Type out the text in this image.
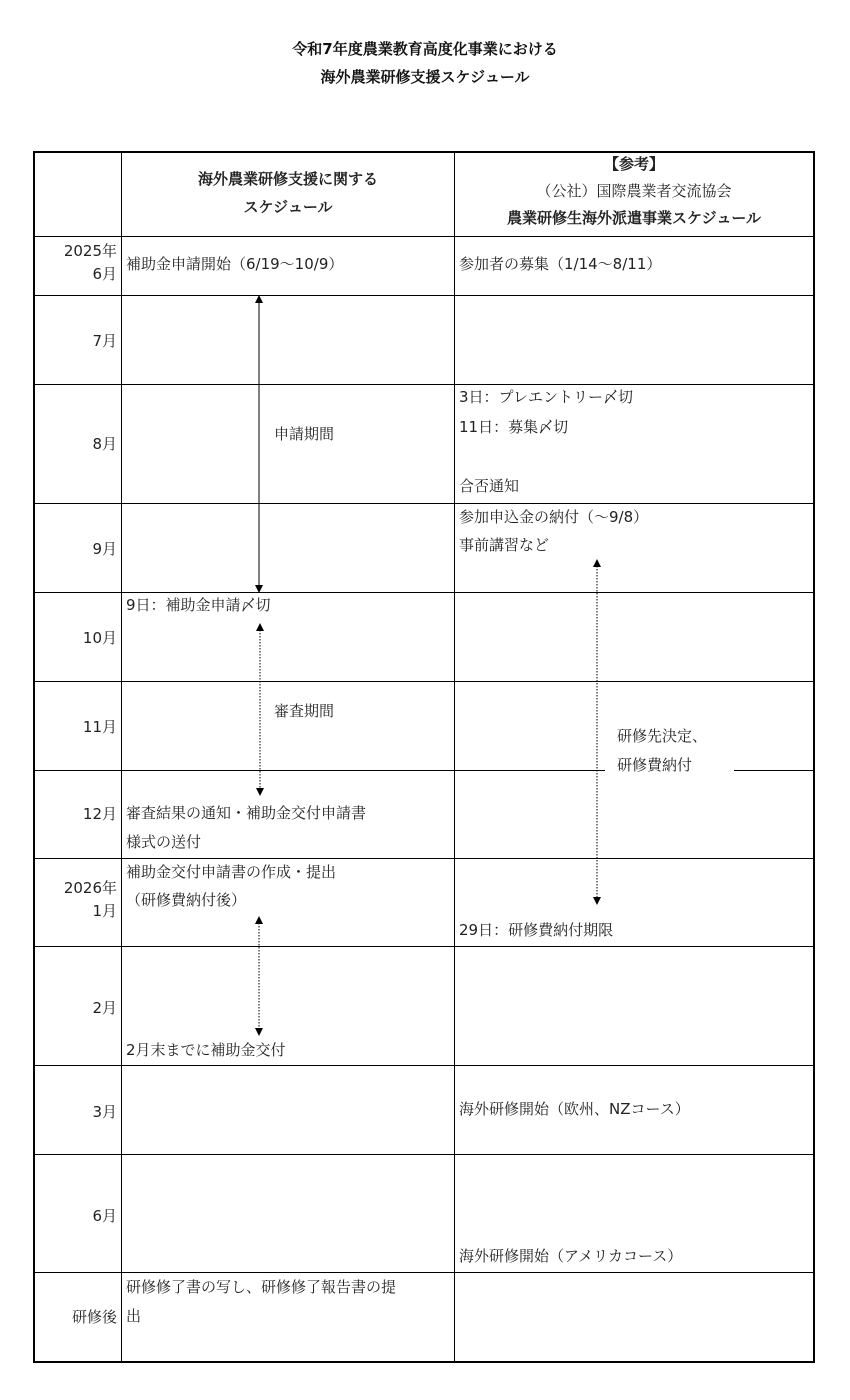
令和7年度農業教育高度化事業における
海外農業研修支援スケジュール
海外農業研修支援に関する
スケジュール
【参考】
（公社）国際農業者交流協会
農業研修生海外派遣事業スケジュール
2025年
6月
7月
8月
9月
10月
11月
12月
2026年
1月
2月
3月
6月
研修後
補助金申請開始（6/19～10/9）
申請期間
9日：補助金申請〆切
審査期間
審査結果の通知・補助金交付申請書
様式の送付
補助金交付申請書の作成・提出
（研修費納付後）
2月末までに補助金交付
研修修了書の写し、研修修了報告書の提
出
参加者の募集（1/14～8/11）
3日：プレエントリー〆切
11日：募集〆切
合否通知
参加申込金の納付（～9/8）
事前講習など
研修先決定、
研修費納付
29日：研修費納付期限
海外研修開始（欧州、NZコース）
海外研修開始（アメリカコース）
